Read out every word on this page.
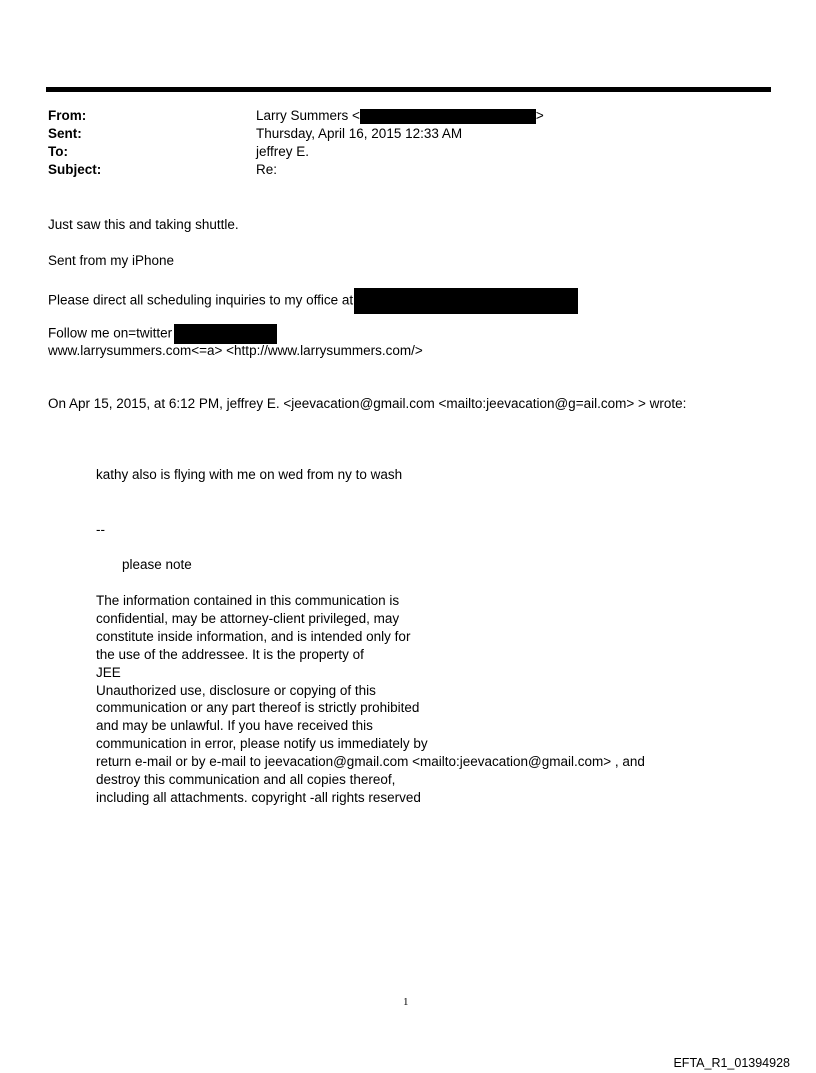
From:	Larry Summers <	>
Sent:	Thursday, April 16, 2015 12:33 AM
To:	jeffrey E.
Subject:	Re:
Just saw this and taking shuttle.
Sent from my iPhone
Please direct all scheduling inquiries to my office at
Follow me on=twitter
www.larrysummers.com<=a> <http://www.larrysummers.com/>
On Apr 15, 2015, at 6:12 PM, jeffrey E. <jeevacation@gmail.com <mailto:jeevacation@g=ail.com> > wrote:
kathy also is flying with me on wed from ny to wash
--
please note
The information contained in this communication is
confidential, may be attorney-client privileged, may
constitute inside information, and is intended only for
the use of the addressee. It is the property of
JEE
Unauthorized use, disclosure or copying of this
communication or any part thereof is strictly prohibited
and may be unlawful. If you have received this
communication in error, please notify us immediately by
return e-mail or by e-mail to jeevacation@gmail.com <mailto:jeevacation@gmail.com> , and
destroy this communication and all copies thereof,
including all attachments. copyright -all rights reserved
1
EFTA_R1_01394928
